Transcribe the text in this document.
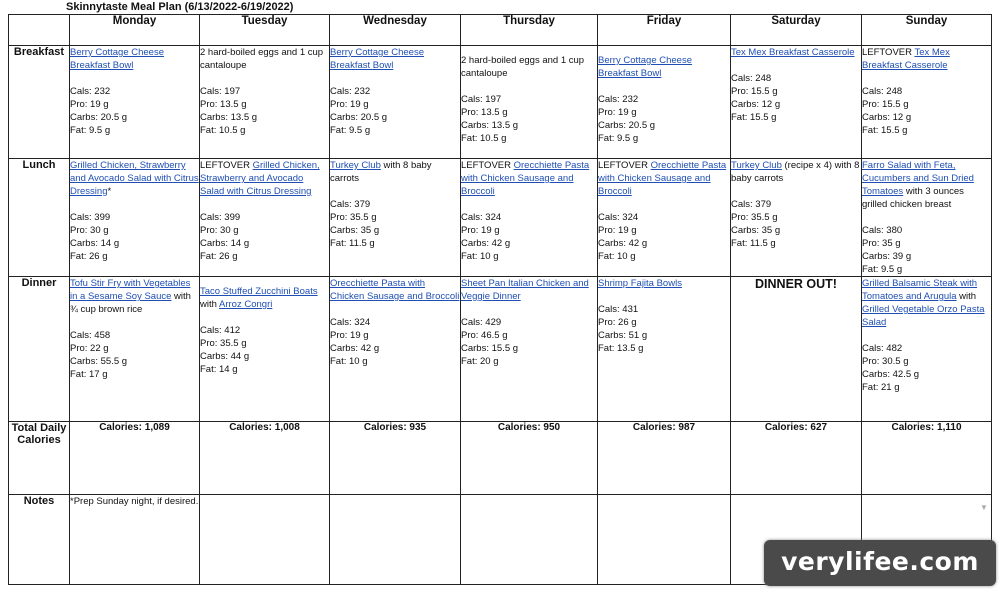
Skinnytaste Meal Plan (6/13/2022-6/19/2022)
	Monday	Tuesday	Wednesday	Thursday	Friday	Saturday	Sunday
Breakfast	Berry Cottage Cheese Breakfast Bowl
Cals: 232
Pro: 19 g
Carbs: 20.5 g
Fat: 9.5 g	2 hard-boiled eggs and 1 cup cantaloupe
Cals: 197
Pro: 13.5 g
Carbs: 13.5 g
Fat: 10.5 g	Berry Cottage Cheese Breakfast Bowl
Cals: 232
Pro: 19 g
Carbs: 20.5 g
Fat: 9.5 g	2 hard-boiled eggs and 1 cup cantaloupe
Cals: 197
Pro: 13.5 g
Carbs: 13.5 g
Fat: 10.5 g	Berry Cottage Cheese Breakfast Bowl
Cals: 232
Pro: 19 g
Carbs: 20.5 g
Fat: 9.5 g	Tex Mex Breakfast Casserole
Cals: 248
Pro: 15.5 g
Carbs: 12 g
Fat: 15.5 g	LEFTOVER Tex Mex Breakfast Casserole
Cals: 248
Pro: 15.5 g
Carbs: 12 g
Fat: 15.5 g

Lunch	Grilled Chicken, Strawberry and Avocado Salad with Citrus Dressing*
Cals: 399
Pro: 30 g
Carbs: 14 g
Fat: 26 g	LEFTOVER Grilled Chicken, Strawberry and Avocado Salad with Citrus Dressing
Cals: 399
Pro: 30 g
Carbs: 14 g
Fat: 26 g	Turkey Club with 8 baby carrots
Cals: 379
Pro: 35.5 g
Carbs: 35 g
Fat: 11.5 g	LEFTOVER Orecchiette Pasta with Chicken Sausage and Broccoli
Cals: 324
Pro: 19 g
Carbs: 42 g
Fat: 10 g	LEFTOVER Orecchiette Pasta with Chicken Sausage and Broccoli
Cals: 324
Pro: 19 g
Carbs: 42 g
Fat: 10 g	Turkey Club (recipe x 4) with 8 baby carrots
Cals: 379
Pro: 35.5 g
Carbs: 35 g
Fat: 11.5 g	Farro Salad with Feta, Cucumbers and Sun Dried Tomatoes with 3 ounces grilled chicken breast
Cals: 380
Pro: 35 g
Carbs: 39 g
Fat: 9.5 g

Dinner	Tofu Stir Fry with Vegetables in a Sesame Soy Sauce with ¾ cup brown rice
Cals: 458
Pro: 22 g
Carbs: 55.5 g
Fat: 17 g	Taco Stuffed Zucchini Boats with Arroz Congri
Cals: 412
Pro: 35.5 g
Carbs: 44 g
Fat: 14 g	Orecchiette Pasta with Chicken Sausage and Broccoli
Cals: 324
Pro: 19 g
Carbs: 42 g
Fat: 10 g	Sheet Pan Italian Chicken and Veggie Dinner
Cals: 429
Pro: 46.5 g
Carbs: 15.5 g
Fat: 20 g	Shrimp Fajita Bowls
Cals: 431
Pro: 26 g
Carbs: 51 g
Fat: 13.5 g	DINNER OUT!	Grilled Balsamic Steak with Tomatoes and Arugula with Grilled Vegetable Orzo Pasta Salad
Cals: 482
Pro: 30.5 g
Carbs: 42.5 g
Fat: 21 g

Total Daily Calories	Calories: 1,089	Calories: 1,008	Calories: 935	Calories: 950	Calories: 987	Calories: 627	Calories: 1,110
Notes	*Prep Sunday night, if desired.						
▼
verylifee.com
